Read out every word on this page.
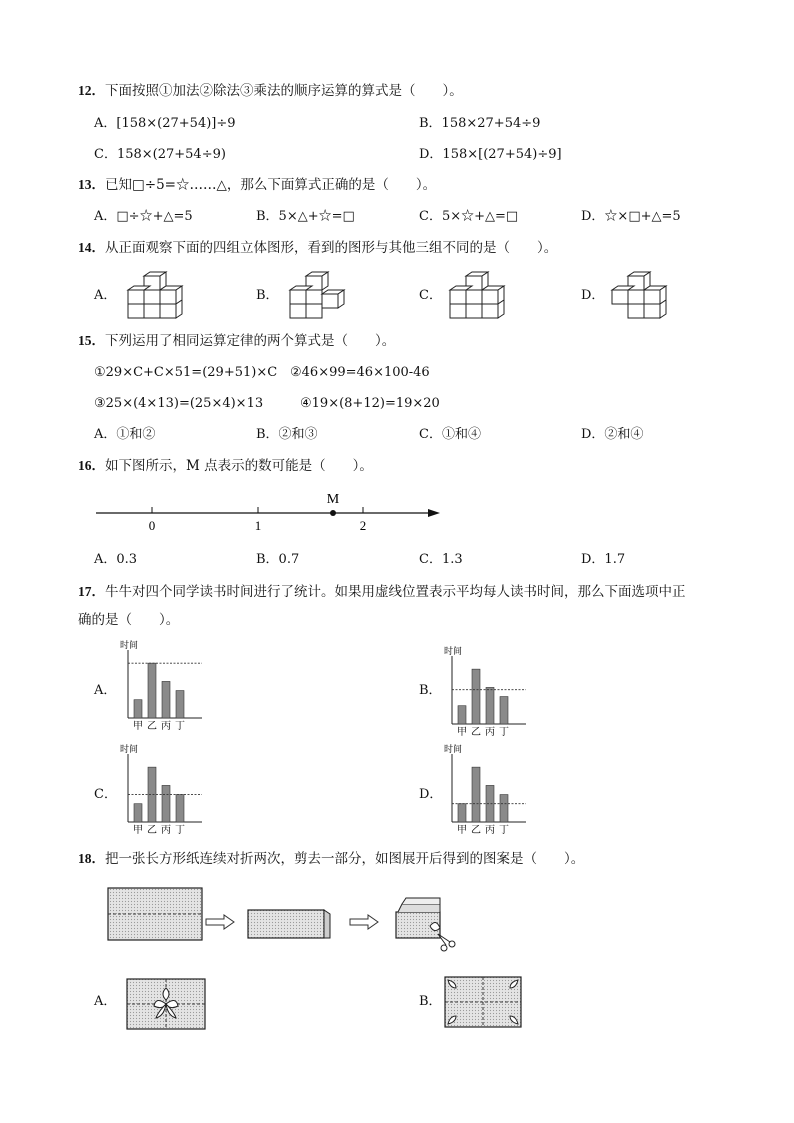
12．下面按照①加法②除法③乘法的顺序运算的算式是（　　）。
A．[158×(27+54)]÷9	B．158×27+54÷9
C．158×(27+54÷9)	D．158×[(27+54)÷9]
13．已知□÷5=☆……△，那么下面算式正确的是（　　）。
A．□÷☆+△=5	B．5×△+☆=□	C．5×☆+△=□	D．☆×□+△=5
14．从正面观察下面的四组立体图形，看到的图形与其他三组不同的是（　　）。
A．	B．	C．	D．
15．下列运用了相同运算定律的两个算式是（　　）。
①29×C+C×51=(29+51)×C ②46×99=46×100-46
③25×(4×13)=(25×4)×13	④19×(8+12)=19×20
A．①和②	B．②和③	C．①和④	D．②和④
16．如下图所示，M 点表示的数可能是（　　）。
M
0	1	2
A．0.3	B．0.7	C．1.3	D．1.7
17．牛牛对四个同学读书时间进行了统计。如果用虚线位置表示平均每人读书时间，那么下面选项中正
确的是（　　）。
A．	B．
C．	D．
时间
甲 乙 丙 丁
时间
甲 乙 丙 丁
时间
甲 乙 丙 丁
时间
甲 乙 丙 丁
18．把一张长方形纸连续对折两次，剪去一部分，如图展开后得到的图案是（　　）。
A．	B．
